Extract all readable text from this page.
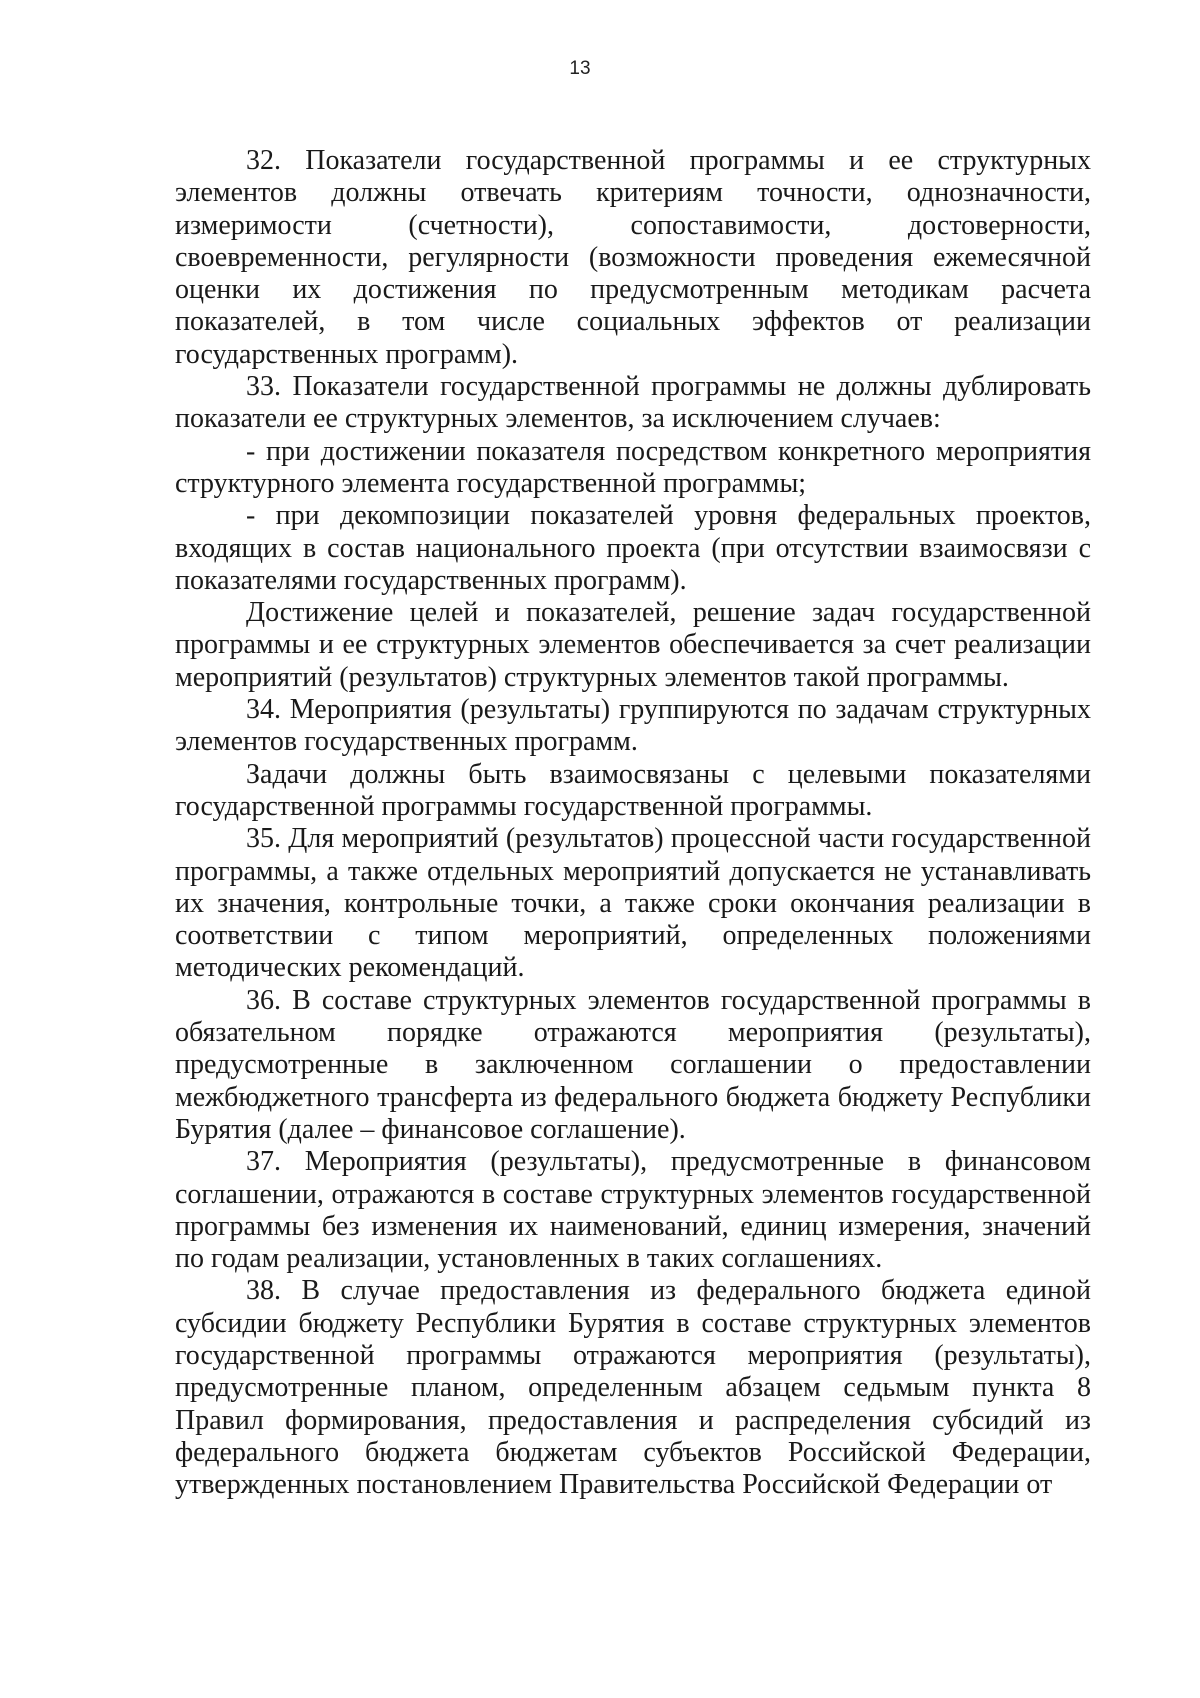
13

32. Показатели государственной программы и ее структурных элементов должны отвечать критериям точности, однозначности, измеримости (счетности), сопоставимости, достоверности, своевременности, регулярности (возможности проведения ежемесячной оценки их достижения по предусмотренным методикам расчета показателей, в том числе социальных эффектов от реализации государственных программ).

33. Показатели государственной программы не должны дублировать показатели ее структурных элементов, за исключением случаев:

- при достижении показателя посредством конкретного мероприятия структурного элемента государственной программы;

- при декомпозиции показателей уровня федеральных проектов, входящих в состав национального проекта (при отсутствии взаимосвязи с показателями государственных программ).

Достижение целей и показателей, решение задач государственной программы и ее структурных элементов обеспечивается за счет реализации мероприятий (результатов) структурных элементов такой программы.

34. Мероприятия (результаты) группируются по задачам структурных элементов государственных программ.

Задачи должны быть взаимосвязаны с целевыми показателями государственной программы государственной программы.

35. Для мероприятий (результатов) процессной части государственной программы, а также отдельных мероприятий допускается не устанавливать их значения, контрольные точки, а также сроки окончания реализации в соответствии с типом мероприятий, определенных положениями методических рекомендаций.

36. В составе структурных элементов государственной программы в обязательном порядке отражаются мероприятия (результаты), предусмотренные в заключенном соглашении о предоставлении межбюджетного трансферта из федерального бюджета бюджету Республики Бурятия (далее – финансовое соглашение).

37. Мероприятия (результаты), предусмотренные в финансовом соглашении, отражаются в составе структурных элементов государственной программы без изменения их наименований, единиц измерения, значений по годам реализации, установленных в таких соглашениях.

38. В случае предоставления из федерального бюджета единой субсидии бюджету Республики Бурятия в составе структурных элементов государственной программы отражаются мероприятия (результаты), предусмотренные планом, определенным абзацем седьмым пункта 8 Правил формирования, предоставления и распределения субсидий из федерального бюджета бюджетам субъектов Российской Федерации, утвержденных постановлением Правительства Российской Федерации от
